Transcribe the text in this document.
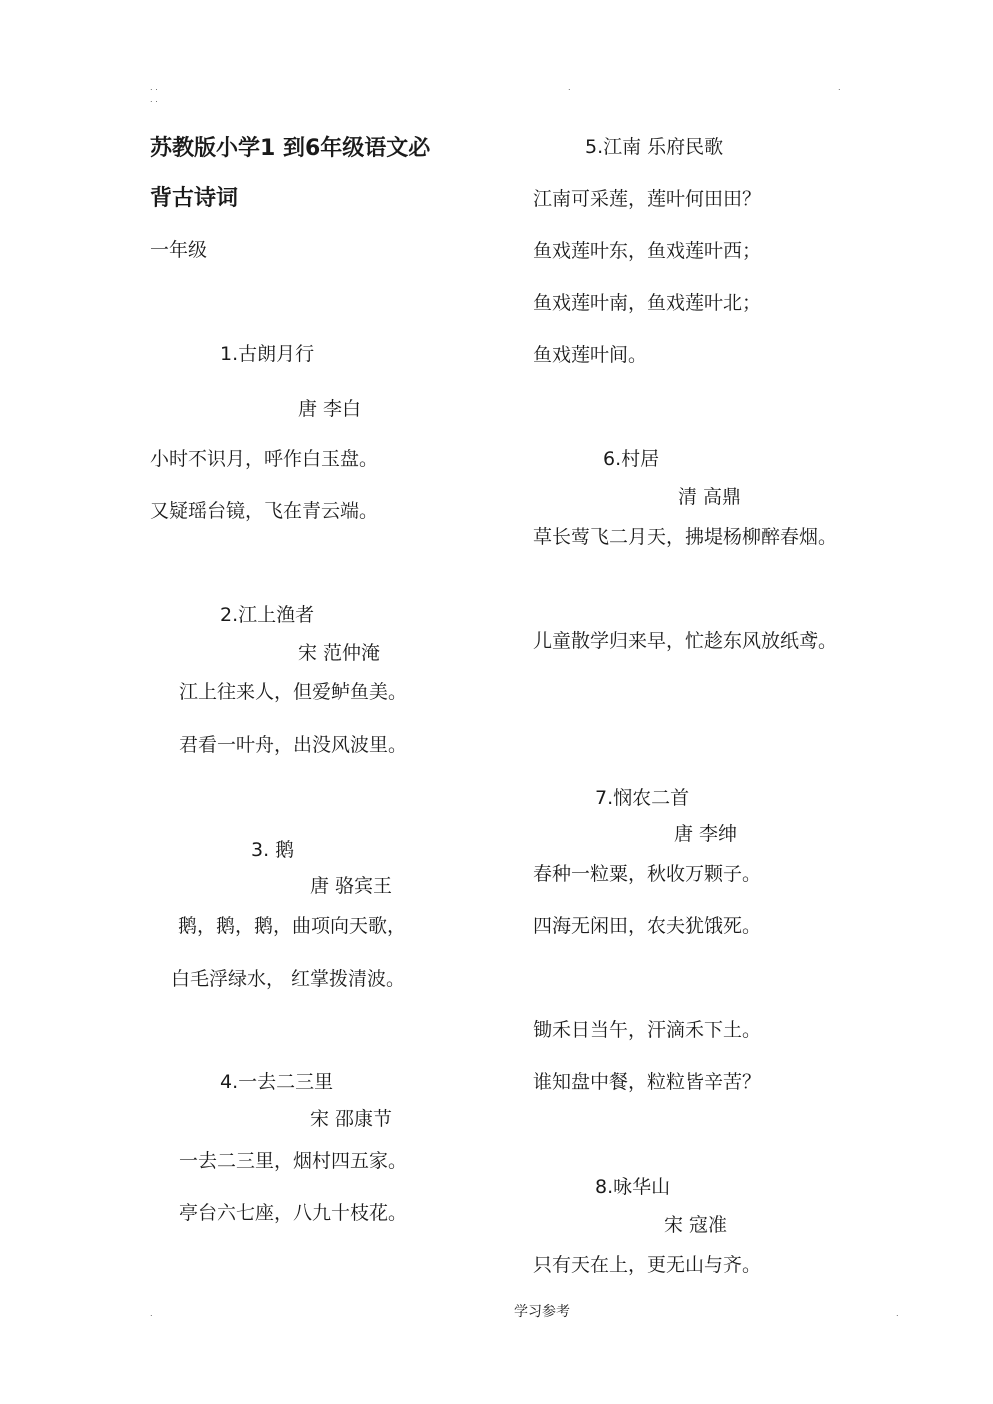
. .
. .
.	.
.	.
苏教版小学1 到6年级语文必
背古诗词
一年级
1.古朗月行
唐 李白
小时不识月，呼作白玉盘。
又疑瑶台镜，飞在青云端。
2.江上渔者
宋 范仲淹
江上往来人，但爱鲈鱼美。
君看一叶舟，出没风波里。
3. 鹅
唐 骆宾王
鹅，鹅，鹅，曲项向天歌，
白毛浮绿水， 红掌拨清波。
4.一去二三里
宋 邵康节
一去二三里，烟村四五家。
亭台六七座，八九十枝花。
5.江南 乐府民歌
江南可采莲，莲叶何田田？
鱼戏莲叶东，鱼戏莲叶西；
鱼戏莲叶南，鱼戏莲叶北；
鱼戏莲叶间。
6.村居
清 高鼎
草长莺飞二月天，拂堤杨柳醉春烟。
儿童散学归来早，忙趁东风放纸鸢。
7.悯农二首
唐 李绅
春种一粒粟，秋收万颗子。
四海无闲田，农夫犹饿死。
锄禾日当午，汗滴禾下土。
谁知盘中餐，粒粒皆辛苦？
8.咏华山
宋 寇准
只有天在上，更无山与齐。
学习参考
